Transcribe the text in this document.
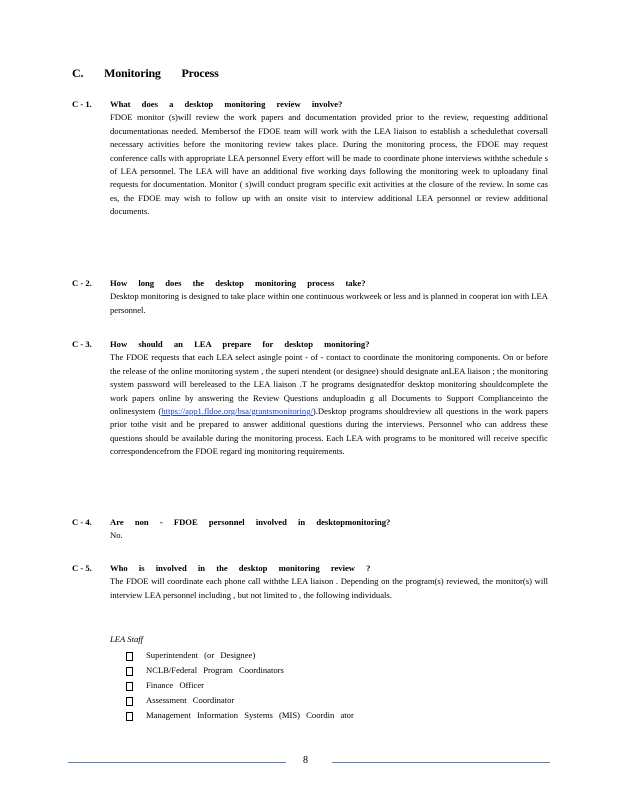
C. Monitoring Process
C - 1. What does a desktop monitoring review involve?
FDOE monitor (s)will review the work papers and documentation provided prior to the review, requesting additional documentationas needed. Membersof the FDOE team will work with the LEA liaison to establish a schedulethat coversall necessary activities before the monitoring review takes place. During the monitoring process, the FDOE may request conference calls with appropriate LEA personnel Every effort will be made to coordinate phone interviews withthe schedule s of LEA personnel. The LEA will have an additional five working days following the monitoring week to uploadany final requests for documentation. Monitor ( s)will conduct program specific exit activities at the closure of the review. In some cas es, the FDOE may wish to follow up with an onsite visit to interview additional LEA personnel or review additional documents.
C - 2. How long does the desktop monitoring process take?
Desktop monitoring is designed to take place within one continuous workweek or less and is planned in cooperat ion with LEA personnel.
C - 3. How should an LEA prepare for desktop monitoring?
The FDOE requests that each LEA select asingle point - of - contact to coordinate the monitoring components. On or before the release of the online monitoring system , the superi ntendent (or designee) should designate anLEA liaison ; the monitoring system password will bereleased to the LEA liaison .T he programs designatedfor desktop monitoring shouldcomplete the work papers online by answering the Review Questions anduploadin g all Documents to Support Complianceinto the onlinesystem (https://app1.fldoe.org/bsa/grantsmonitoring/).Desktop programs shouldreview all questions in the work papers prior tothe visit and be prepared to answer additional questions during the interviews. Personnel who can address these questions should be available during the monitoring process. Each LEA with programs to be monitored will receive specific correspondencefrom the FDOE regard ing monitoring requirements.
C - 4. Are non - FDOE personnel involved in desktopmonitoring?
No.
C - 5. Who is involved in the desktop monitoring review ?
The FDOE will coordinate each phone call withthe LEA liaison . Depending on the program(s) reviewed, the monitor(s) will interview LEA personnel including , but not limited to , the following individuals.
LEA Staff
Superintendent (or Designee)
NCLB/Federal Program Coordinators
Finance Officer
Assessment Coordinator
Management Information Systems (MIS) Coordin ator
8
